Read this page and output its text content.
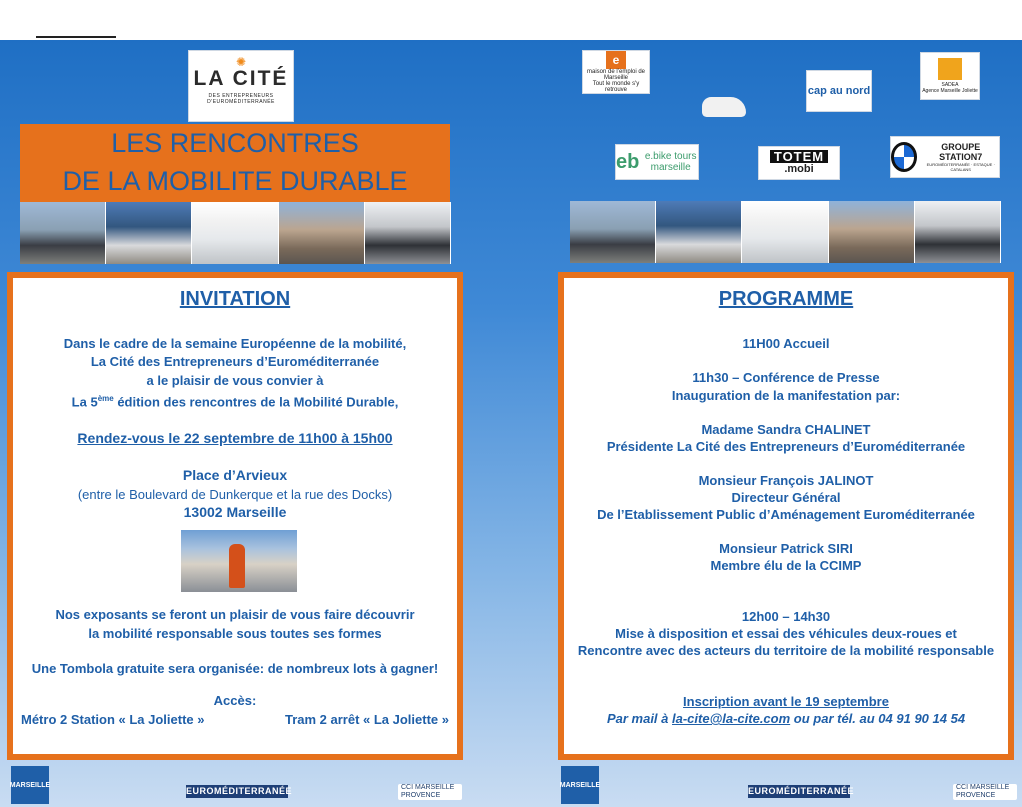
✺
LA CITÉ
DES ENTREPRENEURS D'EUROMÉDITERRANÉE
LES RENCONTRES
DE LA MOBILITE DURABLE
INVITATION
Dans le cadre de la semaine Européenne de la mobilité,
La Cité des Entrepreneurs d’Euroméditerranée
a le plaisir de vous convier à
La 5ème édition des rencontres de la Mobilité Durable,
Rendez-vous le 22 septembre de 11h00 à 15h00
Place d’Arvieux
(entre le Boulevard de Dunkerque et la rue des Docks)
13002 Marseille
Nos exposants se feront un plaisir de vous faire découvrir
la mobilité responsable sous toutes ses formes
Une Tombola gratuite sera organisée: de nombreux lots à gagner!
Accès:
Métro 2 Station « La Joliette »	Tram 2 arrêt « La Joliette »
MARSEILLE
EUROMÉDITERRANÉE	CCI MARSEILLE PROVENCE
e
maison de l’emploi de Marseille
Tout le monde s'y retrouve	cap au nord	SADEA
Agence Marseille Joliette
eb e.bike tours marseille
TOTEM
.mobi
GROUPE STATION7
EUROMÉDITERRANÉE · ESTAQUE · CATALANS
PROGRAMME
11H00 Accueil
11h30 – Conférence de Presse
Inauguration de la manifestation par:
Madame Sandra CHALINET
Présidente La Cité des Entrepreneurs d’Euroméditerranée
Monsieur François JALINOT
Directeur Général
De l’Etablissement Public d’Aménagement Euroméditerranée
Monsieur Patrick SIRI
Membre élu de la CCIMP
12h00 – 14h30
Mise à disposition et essai des véhicules deux-roues et
Rencontre avec des acteurs du territoire de la mobilité responsable
Inscription avant le 19 septembre
Par mail à la-cite@la-cite.com ou par tél. au 04 91 90 14 54
MARSEILLE
EUROMÉDITERRANÉE	CCI MARSEILLE PROVENCE
